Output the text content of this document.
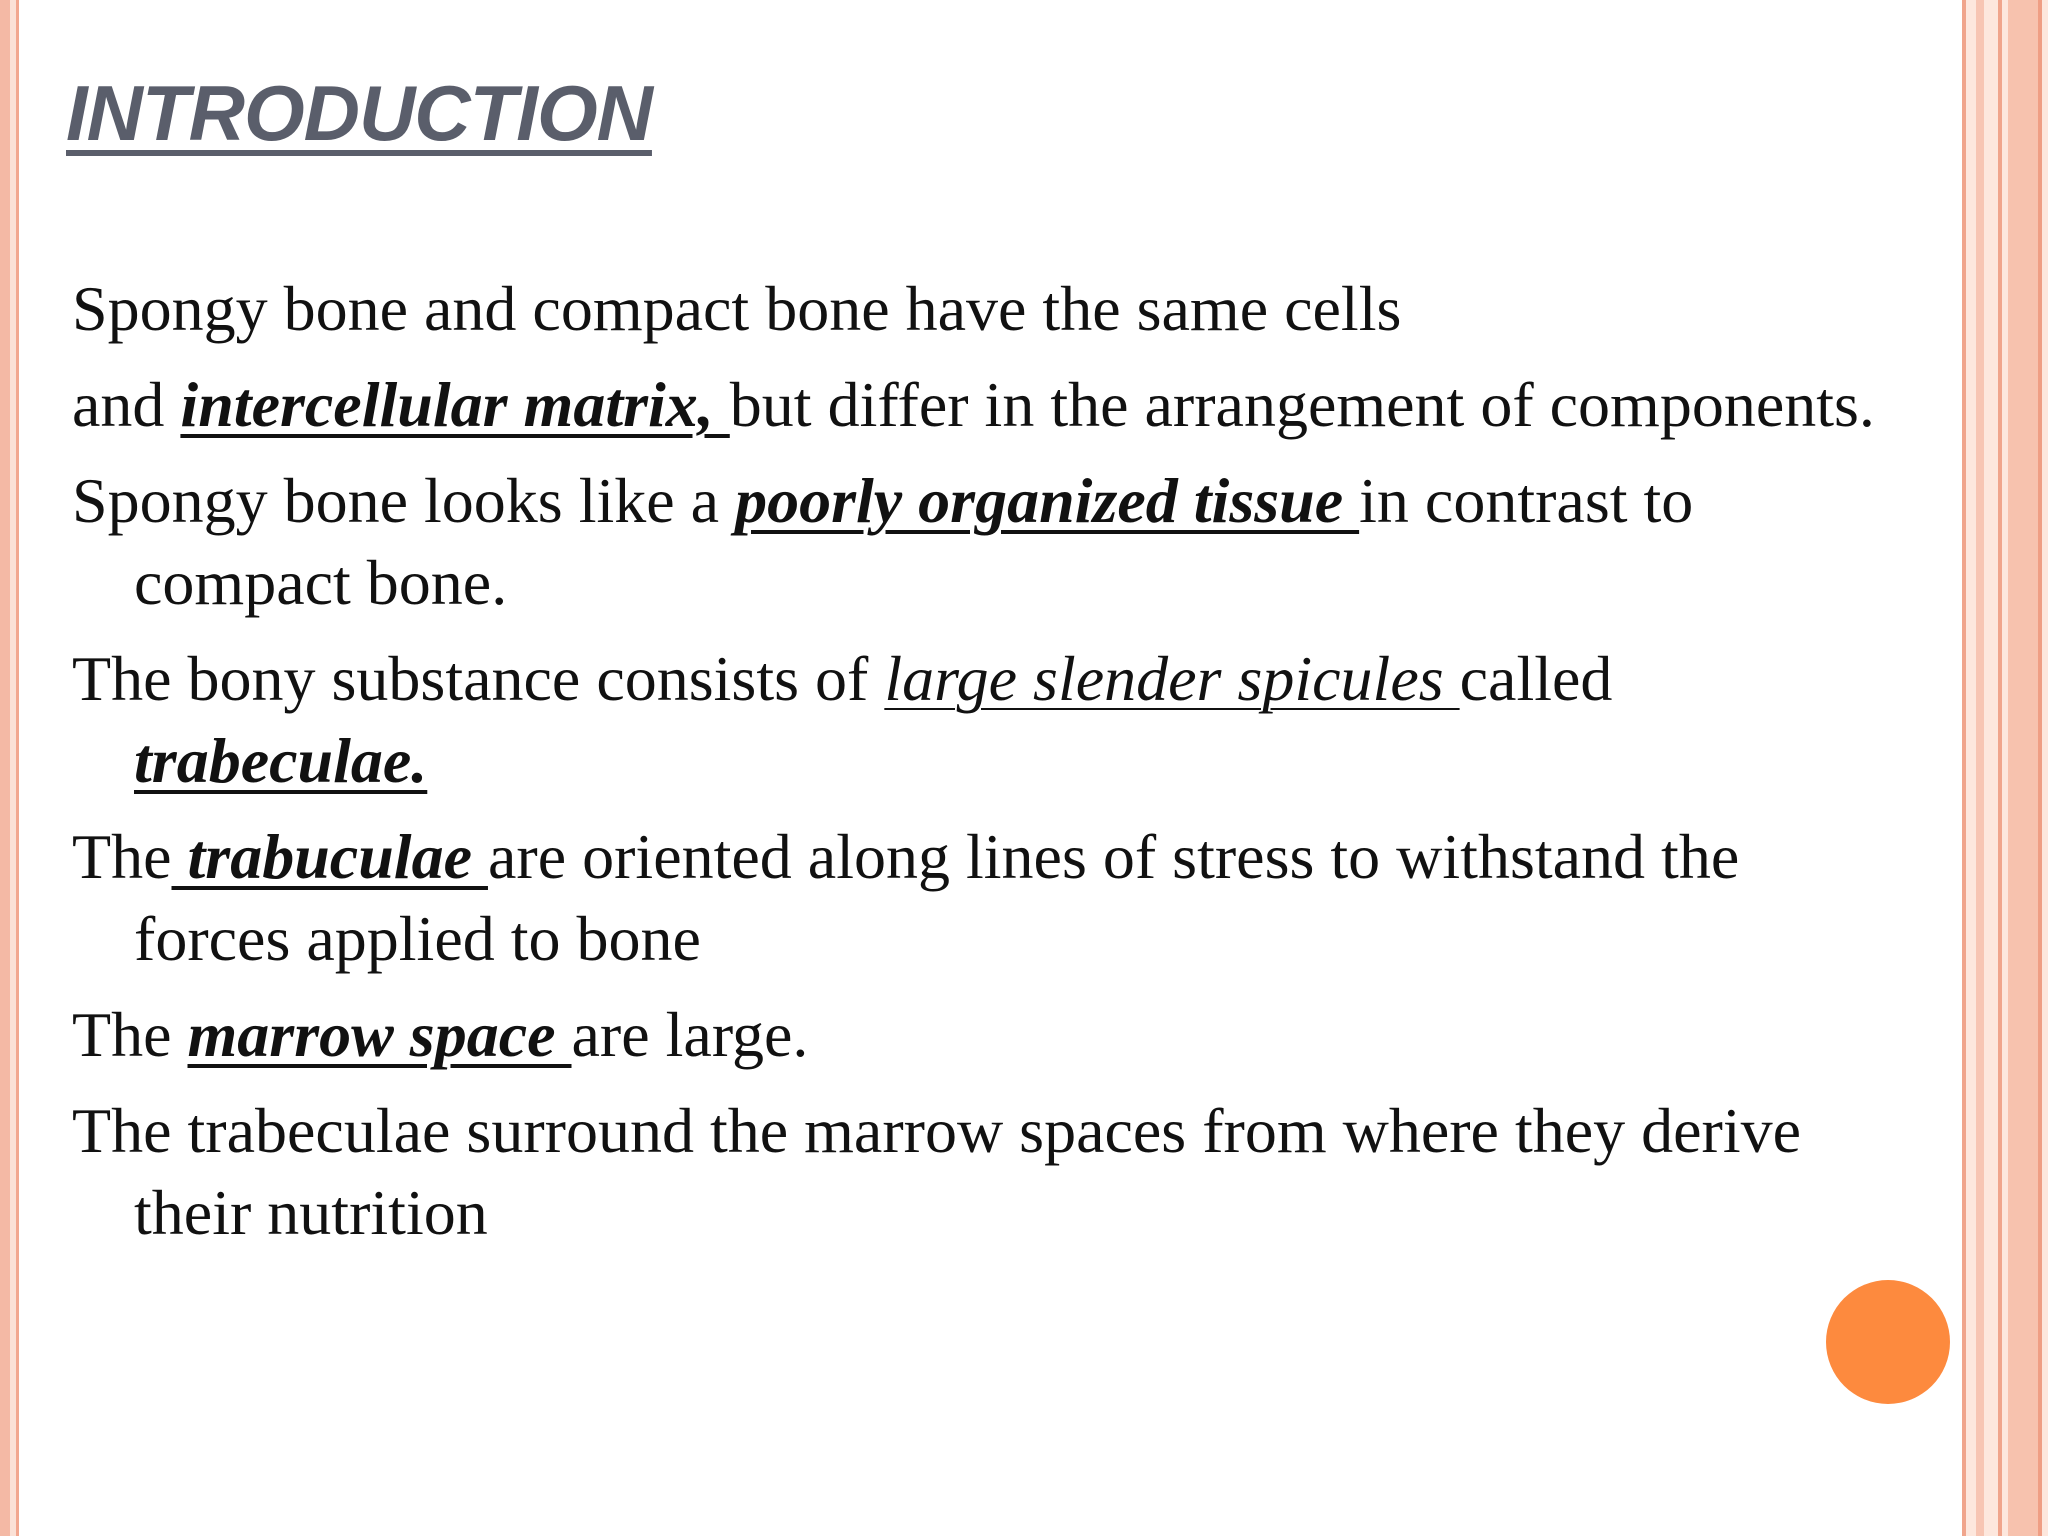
INTRODUCTION

Spongy bone and compact bone have the same cells

and intercellular matrix, but differ in the arrangement of components.

Spongy bone looks like a poorly organized tissue in contrast to compact bone.

The bony substance consists of large slender spicules called
trabeculae.

The trabuculae are oriented along lines of stress to withstand the forces applied to bone

The marrow space are large.

The trabeculae surround the marrow spaces from where they derive their nutrition
